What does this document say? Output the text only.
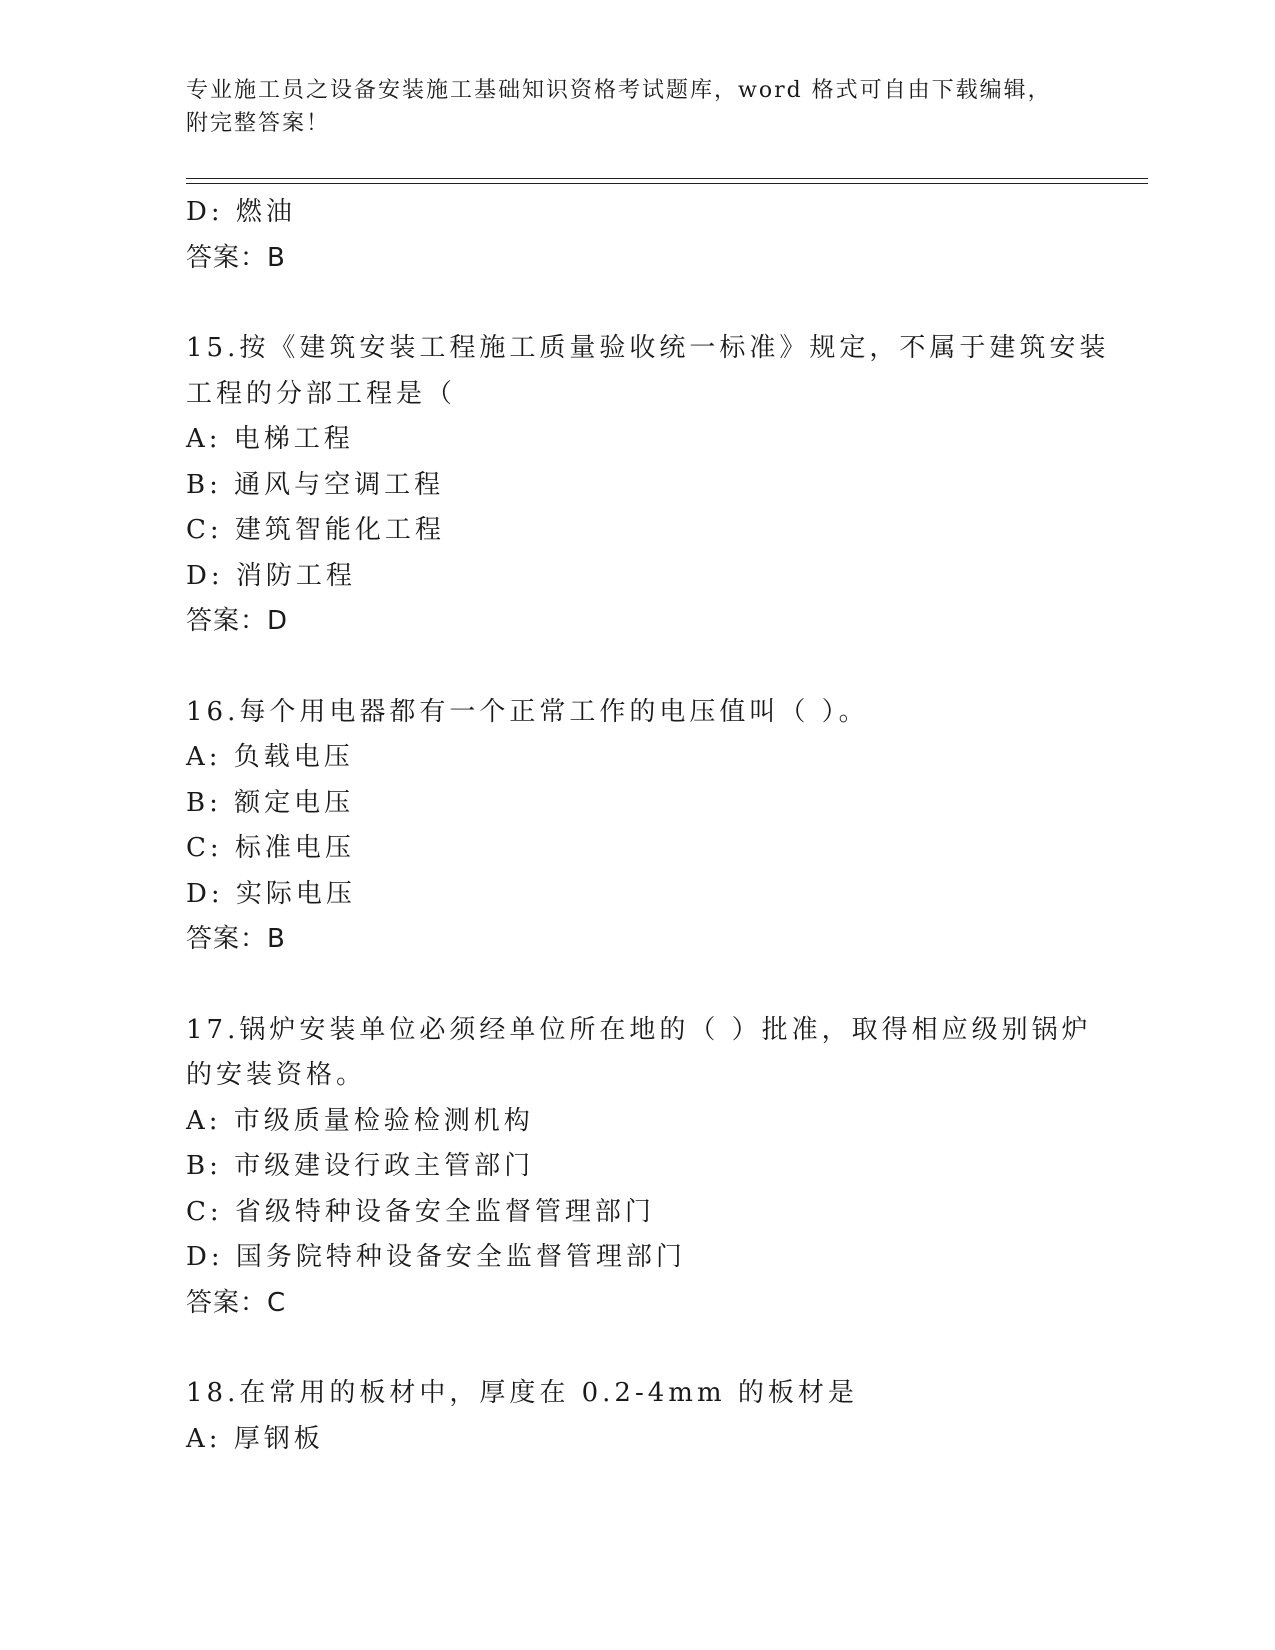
专业施工员之设备安装施工基础知识资格考试题库，word 格式可自由下载编辑，
附完整答案！
D: 燃油
答案：B
15.按《建筑安装工程施工质量验收统一标准》规定，不属于建筑安装
工程的分部工程是（
A: 电梯工程
B: 通风与空调工程
C: 建筑智能化工程
D: 消防工程
答案：D
16.每个用电器都有一个正常工作的电压值叫（ ）。
A: 负载电压
B: 额定电压
C: 标准电压
D: 实际电压
答案：B
17.锅炉安装单位必须经单位所在地的（ ）批准，取得相应级别锅炉
的安装资格。
A: 市级质量检验检测机构
B: 市级建设行政主管部门
C: 省级特种设备安全监督管理部门
D: 国务院特种设备安全监督管理部门
答案：C
18.在常用的板材中，厚度在 0.2-4mm 的板材是
A: 厚钢板
